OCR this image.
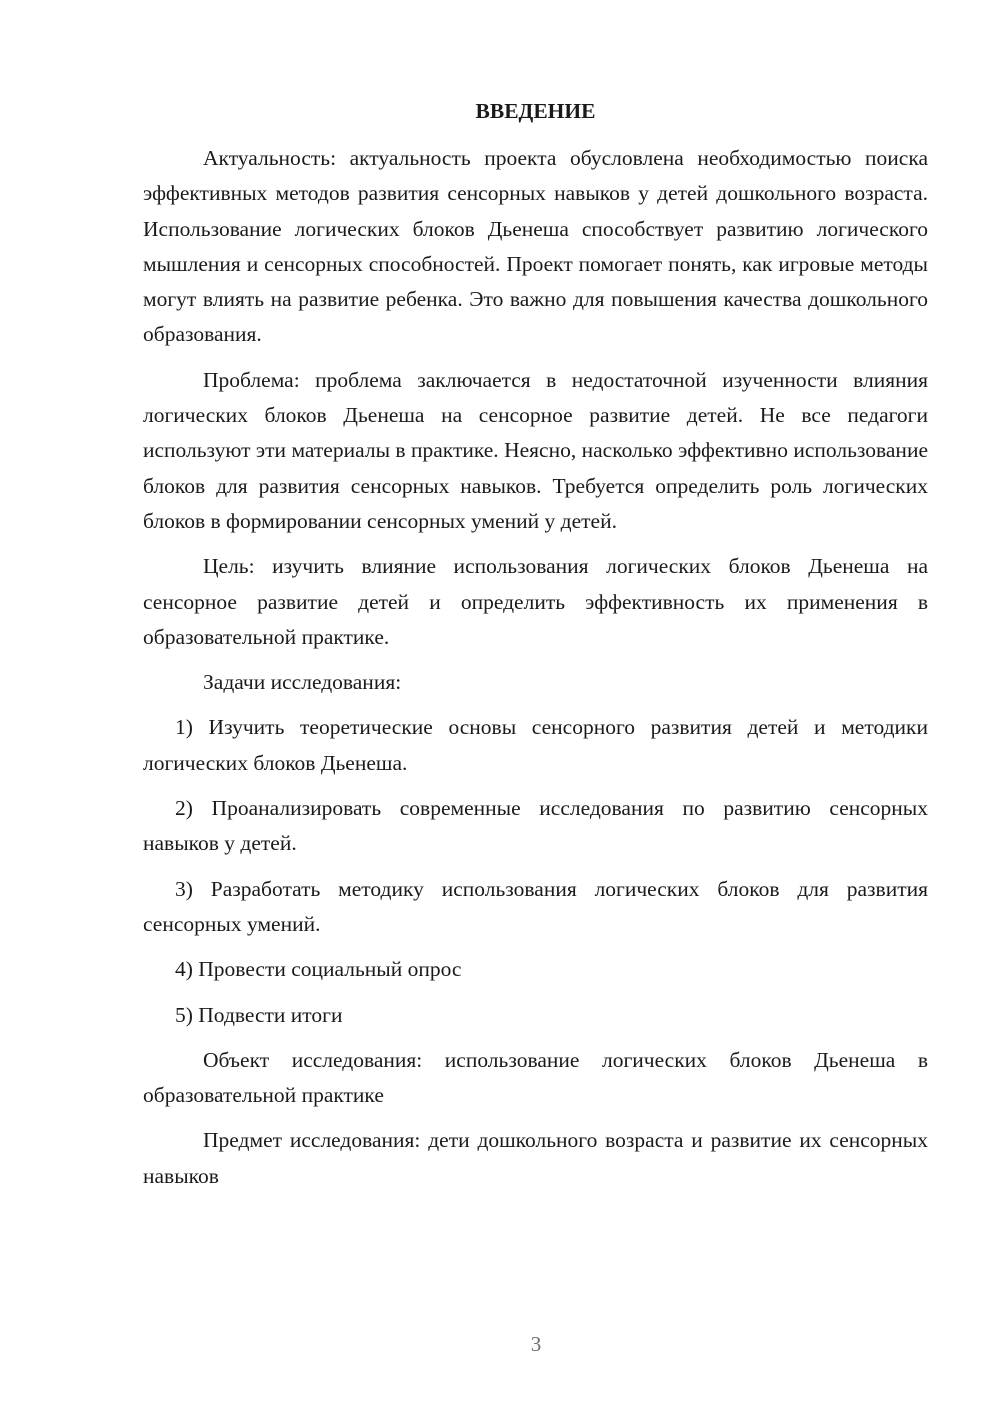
ВВЕДЕНИЕ

Актуальность: актуальность проекта обусловлена необходимостью поиска эффективных методов развития сенсорных навыков у детей дошкольного возраста. Использование логических блоков Дьенеша способствует развитию логического мышления и сенсорных способностей. Проект помогает понять, как игровые методы могут влиять на развитие ребенка. Это важно для повышения качества дошкольного образования.

Проблема: проблема заключается в недостаточной изученности влияния логических блоков Дьенеша на сенсорное развитие детей. Не все педагоги используют эти материалы в практике. Неясно, насколько эффективно использование блоков для развития сенсорных навыков. Требуется определить роль логических блоков в формировании сенсорных умений у детей.

Цель: изучить влияние использования логических блоков Дьенеша на сенсорное развитие детей и определить эффективность их применения в образовательной практике.

Задачи исследования:

1) Изучить теоретические основы сенсорного развития детей и методики логических блоков Дьенеша.

2) Проанализировать современные исследования по развитию сенсорных навыков у детей.

3) Разработать методику использования логических блоков для развития сенсорных умений.

4) Провести социальный опрос

5) Подвести итоги

Объект исследования: использование логических блоков Дьенеша в образовательной практике

Предмет исследования: дети дошкольного возраста и развитие их сенсорных навыков

3
